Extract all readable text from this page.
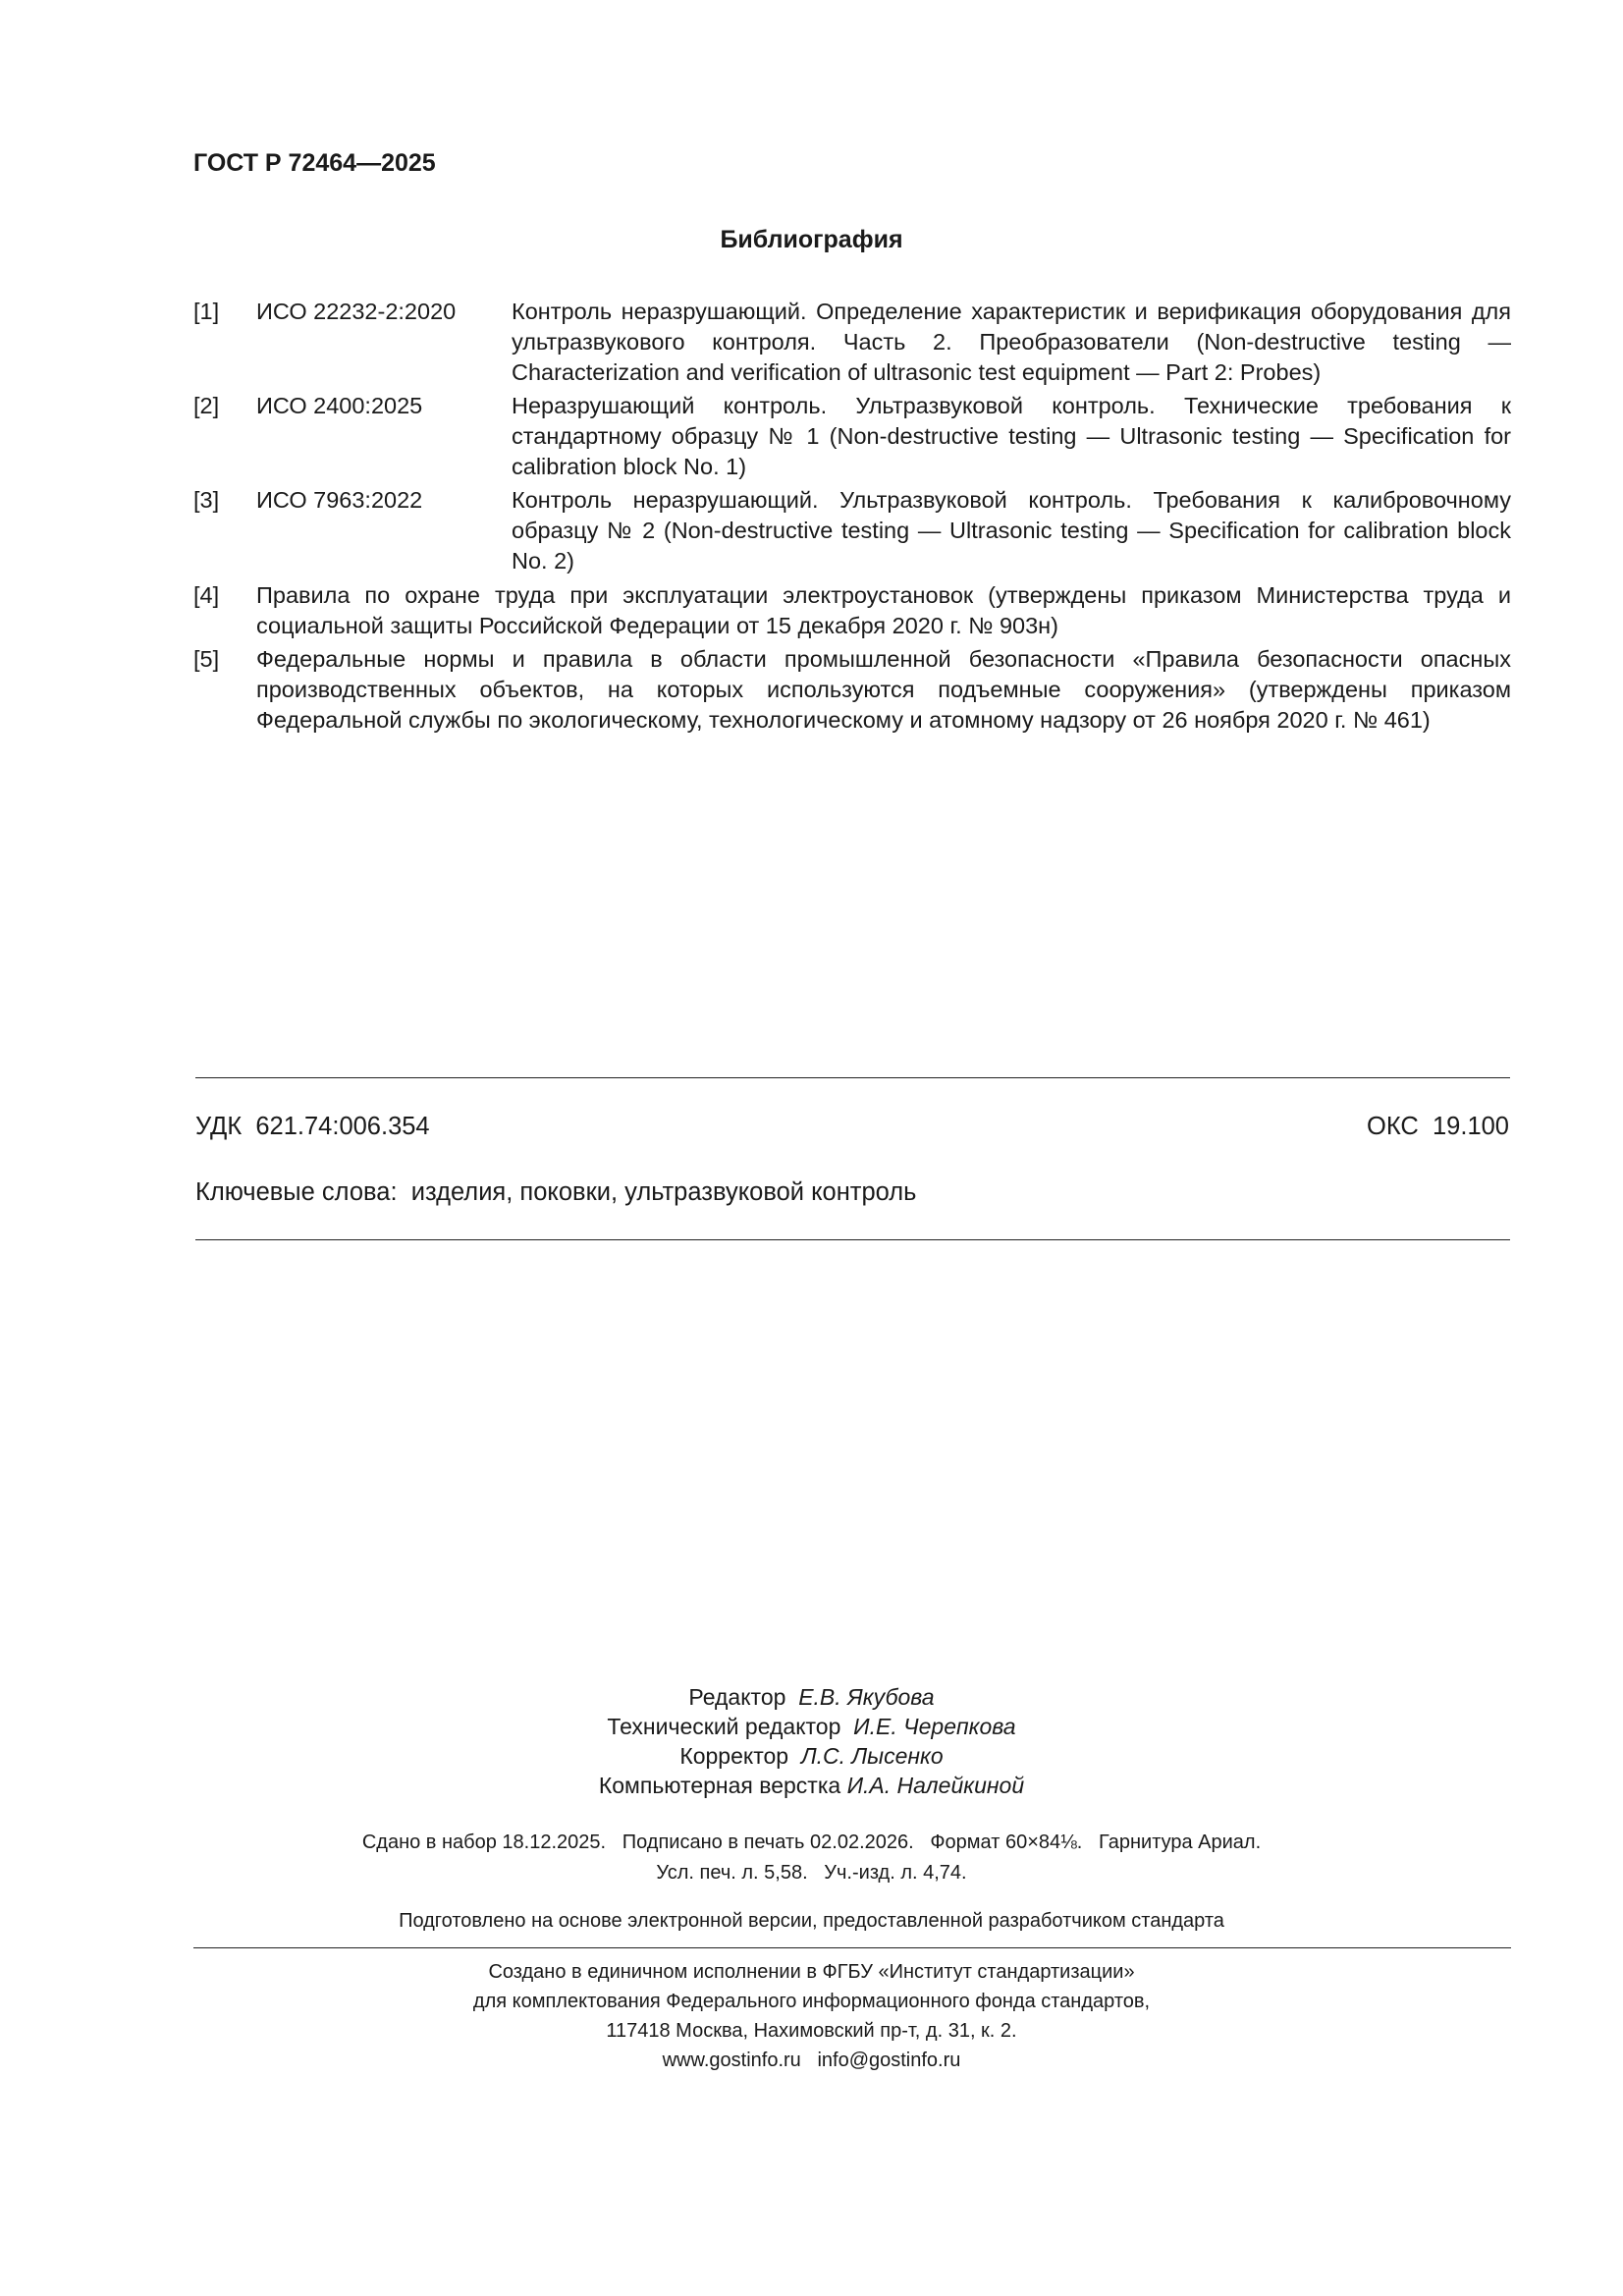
ГОСТ Р 72464—2025
Библиография
[1] ИСО 22232-2:2020 Контроль неразрушающий. Определение характеристик и верификация оборудования для ультразвукового контроля. Часть 2. Преобразователи (Non-destructive testing — Characterization and verification of ultrasonic test equipment — Part 2: Probes)
[2] ИСО 2400:2025	Неразрушающий контроль. Ультразвуковой контроль. Технические требования к стандартному образцу № 1 (Non-destructive testing — Ultrasonic testing — Specification for calibration block No. 1)
[3] ИСО 7963:2022	Контроль неразрушающий. Ультразвуковой контроль. Требования к калибровочному образцу № 2 (Non-destructive testing — Ultrasonic testing — Specification for calibration block No. 2)
[4] Правила по охране труда при эксплуатации электроустановок (утверждены приказом Министерства труда и социальной защиты Российской Федерации от 15 декабря 2020 г. № 903н)
[5] Федеральные нормы и правила в области промышленной безопасности «Правила безопасности опасных производственных объектов, на которых используются подъемные сооружения» (утверждены приказом Федеральной службы по экологическому, технологическому и атомному надзору от 26 ноября 2020 г. № 461)
УДК 621.74:006.354	ОКС 19.100
Ключевые слова: изделия, поковки, ультразвуковой контроль
Редактор Е.В. Якубова
Технический редактор И.Е. Черепкова
Корректор Л.С. Лысенко
Компьютерная верстка И.А. Налейкиной
Сдано в набор 18.12.2025.   Подписано в печать 02.02.2026.   Формат 60×84⅛.   Гарнитура Ариал.
Усл. печ. л. 5,58.   Уч.-изд. л. 4,74.
Подготовлено на основе электронной версии, предоставленной разработчиком стандарта
Создано в единичном исполнении в ФГБУ «Институт стандартизации»
для комплектования Федерального информационного фонда стандартов,
117418 Москва, Нахимовский пр-т, д. 31, к. 2.
www.gostinfo.ru info@gostinfo.ru
